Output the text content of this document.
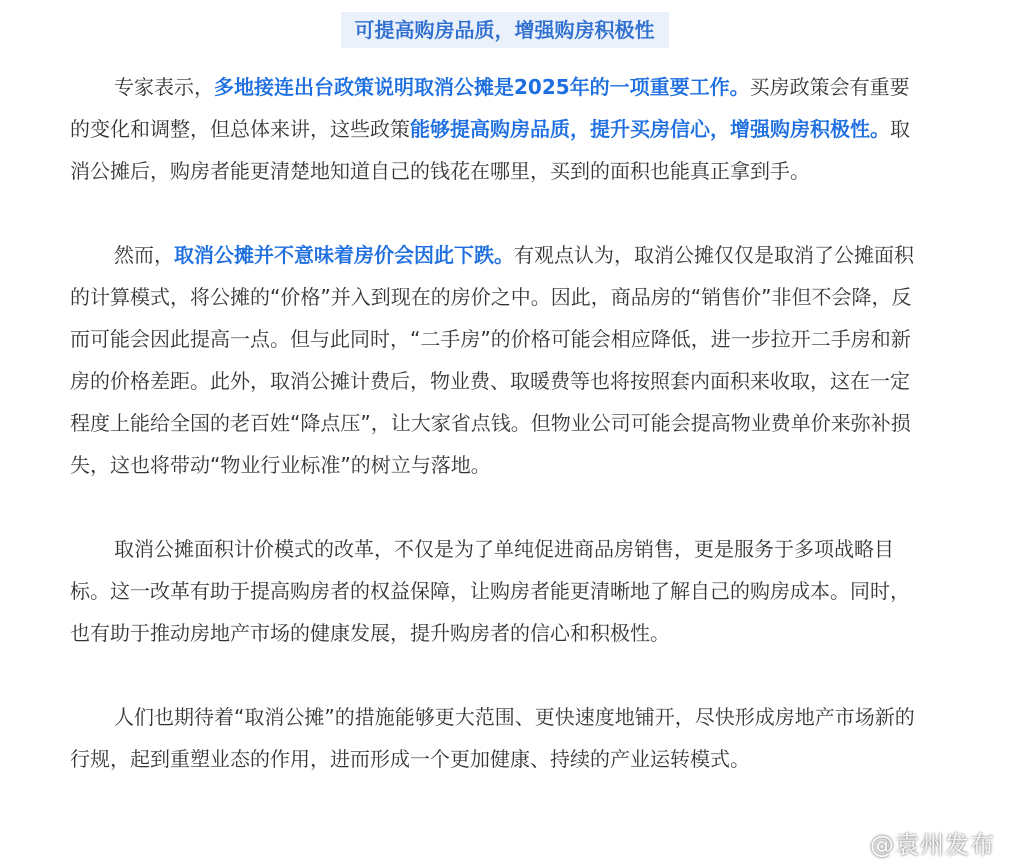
可提高购房品质，增强购房积极性

专家表示，多地接连出台政策说明取消公摊是2025年的一项重要工作。买房政策会有重要的变化和调整，但总体来讲，这些政策能够提高购房品质，提升买房信心，增强购房积极性。取消公摊后，购房者能更清楚地知道自己的钱花在哪里，买到的面积也能真正拿到手。

然而，取消公摊并不意味着房价会因此下跌。有观点认为，取消公摊仅仅是取消了公摊面积的计算模式，将公摊的“价格”并入到现在的房价之中。因此，商品房的“销售价”非但不会降，反而可能会因此提高一点。但与此同时，“二手房”的价格可能会相应降低，进一步拉开二手房和新房的价格差距。此外，取消公摊计费后，物业费、取暖费等也将按照套内面积来收取，这在一定程度上能给全国的老百姓“降点压”，让大家省点钱。但物业公司可能会提高物业费单价来弥补损失，这也将带动“物业行业标准”的树立与落地。

取消公摊面积计价模式的改革，不仅是为了单纯促进商品房销售，更是服务于多项战略目标。这一改革有助于提高购房者的权益保障，让购房者能更清晰地了解自己的购房成本。同时，也有助于推动房地产市场的健康发展，提升购房者的信心和积极性。

人们也期待着“取消公摊”的措施能够更大范围、更快速度地铺开，尽快形成房地产市场新的行规，起到重塑业态的作用，进而形成一个更加健康、持续的产业运转模式。

@袁州发布
